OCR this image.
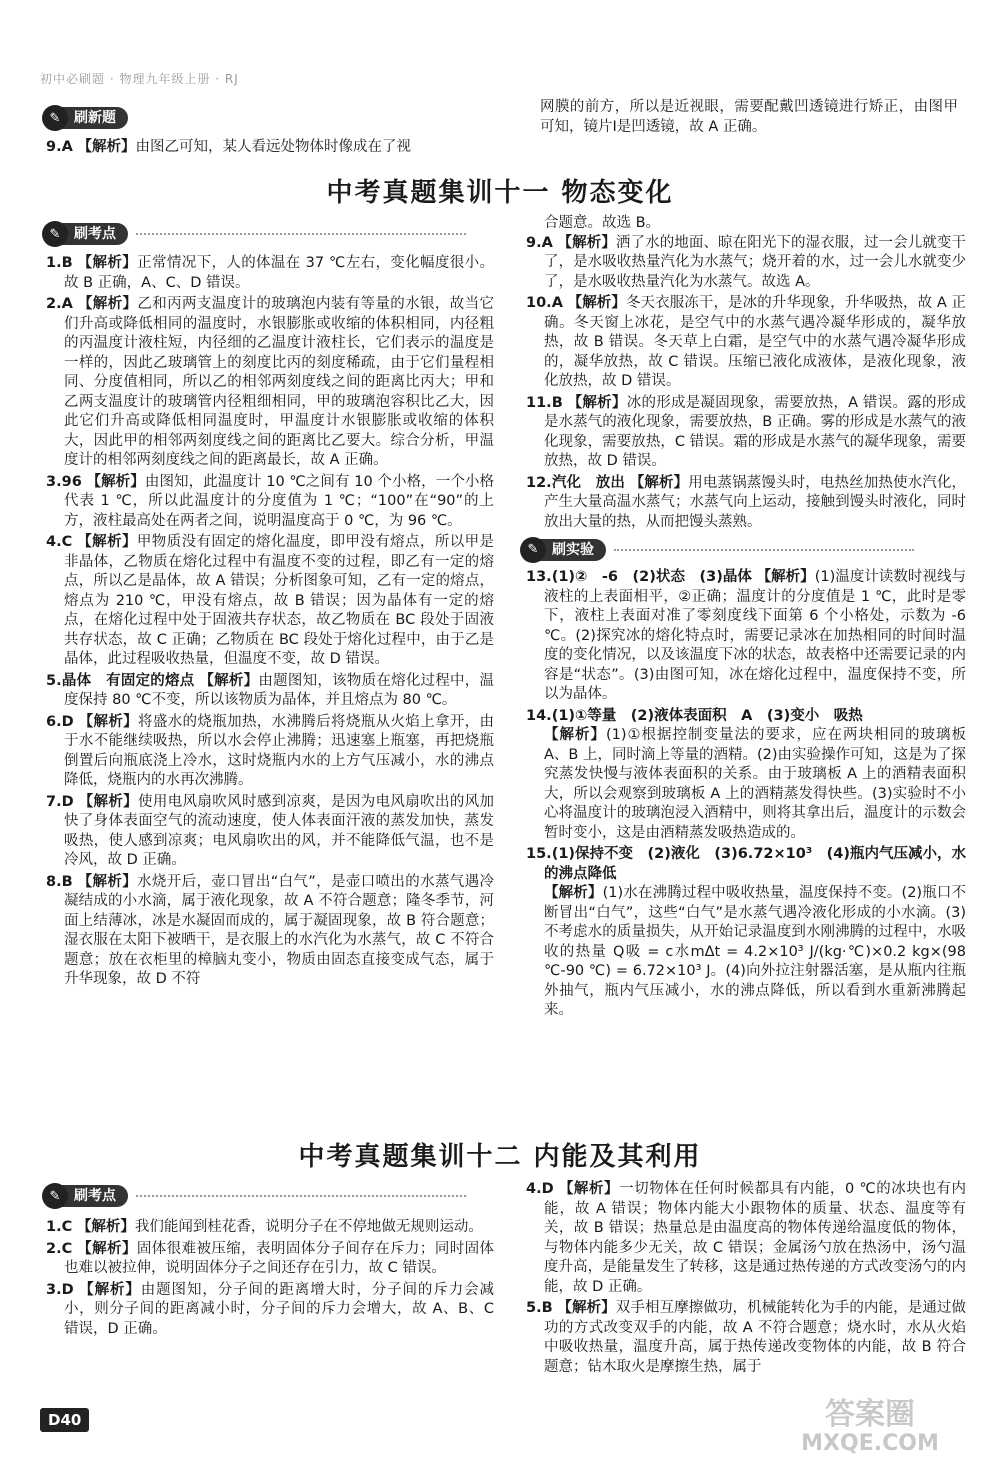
初中必刷题 · 物理九年级上册 · RJ
✎ 刷新题
9.A 【解析】由图乙可知，某人看远处物体时像成在了视
网膜的前方，所以是近视眼，需要配戴凹透镜进行矫正，由图甲可知，镜片Ⅰ是凹透镜，故 A 正确。
中考真题集训十一 物态变化
✎ 刷考点
1.B 【解析】正常情况下，人的体温在 37 ℃左右，变化幅度很小。故 B 正确，A、C、D 错误。
2.A 【解析】乙和丙两支温度计的玻璃泡内装有等量的水银，故当它们升高或降低相同的温度时，水银膨胀或收缩的体积相同，内径粗的丙温度计液柱短，内径细的乙温度计液柱长，它们表示的温度是一样的，因此乙玻璃管上的刻度比丙的刻度稀疏，由于它们量程相同、分度值相同，所以乙的相邻两刻度线之间的距离比丙大；甲和乙两支温度计的玻璃管内径粗细相同，甲的玻璃泡容积比乙大，因此它们升高或降低相同温度时，甲温度计水银膨胀或收缩的体积大，因此甲的相邻两刻度线之间的距离比乙要大。综合分析，甲温度计的相邻两刻度线之间的距离最长，故 A 正确。
3.96 【解析】由图知，此温度计 10 ℃之间有 10 个小格，一个小格代表 1 ℃，所以此温度计的分度值为 1 ℃；“100”在“90”的上方，液柱最高处在两者之间，说明温度高于 0 ℃，为 96 ℃。
4.C 【解析】甲物质没有固定的熔化温度，即甲没有熔点，所以甲是非晶体，乙物质在熔化过程中有温度不变的过程，即乙有一定的熔点，所以乙是晶体，故 A 错误；分析图象可知，乙有一定的熔点，熔点为 210 ℃，甲没有熔点，故 B 错误；因为晶体有一定的熔点，在熔化过程中处于固液共存状态，故乙物质在 BC 段处于固液共存状态，故 C 正确；乙物质在 BC 段处于熔化过程中，由于乙是晶体，此过程吸收热量，但温度不变，故 D 错误。
5.晶体　有固定的熔点 【解析】由题图知，该物质在熔化过程中，温度保持 80 ℃不变，所以该物质为晶体，并且熔点为 80 ℃。
6.D 【解析】将盛水的烧瓶加热，水沸腾后将烧瓶从火焰上拿开，由于水不能继续吸热，所以水会停止沸腾；迅速塞上瓶塞，再把烧瓶倒置后向瓶底浇上冷水，这时烧瓶内水的上方气压减小，水的沸点降低，烧瓶内的水再次沸腾。
7.D 【解析】使用电风扇吹风时感到凉爽，是因为电风扇吹出的风加快了身体表面空气的流动速度，使人体表面汗液的蒸发加快，蒸发吸热，使人感到凉爽；电风扇吹出的风，并不能降低气温，也不是冷风，故 D 正确。
8.B 【解析】水烧开后，壶口冒出“白气”，是壶口喷出的水蒸气遇冷凝结成的小水滴，属于液化现象，故 A 不符合题意；隆冬季节，河面上结薄冰，冰是水凝固而成的，属于凝固现象，故 B 符合题意；湿衣服在太阳下被晒干，是衣服上的水汽化为水蒸气，故 C 不符合题意；放在衣柜里的樟脑丸变小，物质由固态直接变成气态，属于升华现象，故 D 不符
合题意。故选 B。
9.A 【解析】洒了水的地面、晾在阳光下的湿衣服，过一会儿就变干了，是水吸收热量汽化为水蒸气；烧开着的水，过一会儿水就变少了，是水吸收热量汽化为水蒸气。故选 A。
10.A 【解析】冬天衣服冻干，是冰的升华现象，升华吸热，故 A 正确。冬天窗上冰花，是空气中的水蒸气遇冷凝华形成的，凝华放热，故 B 错误。冬天草上白霜，是空气中的水蒸气遇冷凝华形成的，凝华放热，故 C 错误。压缩已液化成液体，是液化现象，液化放热，故 D 错误。
11.B 【解析】冰的形成是凝固现象，需要放热，A 错误。露的形成是水蒸气的液化现象，需要放热，B 正确。雾的形成是水蒸气的液化现象，需要放热，C 错误。霜的形成是水蒸气的凝华现象，需要放热，故 D 错误。
12.汽化　放出 【解析】用电蒸锅蒸馒头时，电热丝加热使水汽化，产生大量高温水蒸气；水蒸气向上运动，接触到馒头时液化，同时放出大量的热，从而把馒头蒸熟。
✎ 刷实验
13.(1)②　-6　(2)状态　(3)晶体 【解析】(1)温度计读数时视线与液柱的上表面相平，②正确；温度计的分度值是 1 ℃，此时是零下，液柱上表面对准了零刻度线下面第 6 个小格处，示数为 -6 ℃。(2)探究冰的熔化特点时，需要记录冰在加热相同的时间时温度的变化情况，以及该温度下冰的状态，故表格中还需要记录的内容是“状态”。(3)由图可知，冰在熔化过程中，温度保持不变，所以为晶体。
14.(1)①等量　(2)液体表面积　A　(3)变小　吸热
【解析】(1)①根据控制变量法的要求，应在两块相同的玻璃板 A、B 上，同时滴上等量的酒精。(2)由实验操作可知，这是为了探究蒸发快慢与液体表面积的关系。由于玻璃板 A 上的酒精表面积大，所以会观察到玻璃板 A 上的酒精蒸发得快些。(3)实验时不小心将温度计的玻璃泡浸入酒精中，则将其拿出后，温度计的示数会暂时变小，这是由酒精蒸发吸热造成的。
15.(1)保持不变　(2)液化　(3)6.72×10³　(4)瓶内气压减小，水的沸点降低
【解析】(1)水在沸腾过程中吸收热量，温度保持不变。(2)瓶口不断冒出“白气”，这些“白气”是水蒸气遇冷液化形成的小水滴。(3)不考虑水的质量损失，从开始记录温度到水刚沸腾的过程中，水吸收的热量 Q吸 = c水mΔt = 4.2×10³ J/(kg·℃)×0.2 kg×(98 ℃-90 ℃) = 6.72×10³ J。(4)向外拉注射器活塞，是从瓶内往瓶外抽气，瓶内气压减小，水的沸点降低，所以看到水重新沸腾起来。
中考真题集训十二 内能及其利用
✎ 刷考点
1.C 【解析】我们能闻到桂花香，说明分子在不停地做无规则运动。
2.C 【解析】固体很难被压缩，表明固体分子间存在斥力；同时固体也难以被拉伸，说明固体分子之间还存在引力，故 C 错误。
3.D 【解析】由题图知，分子间的距离增大时，分子间的斥力会减小，则分子间的距离减小时，分子间的斥力会增大，故 A、B、C 错误，D 正确。
4.D 【解析】一切物体在任何时候都具有内能，0 ℃的冰块也有内能，故 A 错误；物体内能大小跟物体的质量、状态、温度等有关，故 B 错误；热量总是由温度高的物体传递给温度低的物体，与物体内能多少无关，故 C 错误；金属汤勺放在热汤中，汤勺温度升高，是能量发生了转移，这是通过热传递的方式改变汤勺的内能，故 D 正确。
5.B 【解析】双手相互摩擦做功，机械能转化为手的内能，是通过做功的方式改变双手的内能，故 A 不符合题意；烧水时，水从火焰中吸收热量，温度升高，属于热传递改变物体的内能，故 B 符合题意；钻木取火是摩擦生热，属于
D40	答案圈
MXQE.COM
